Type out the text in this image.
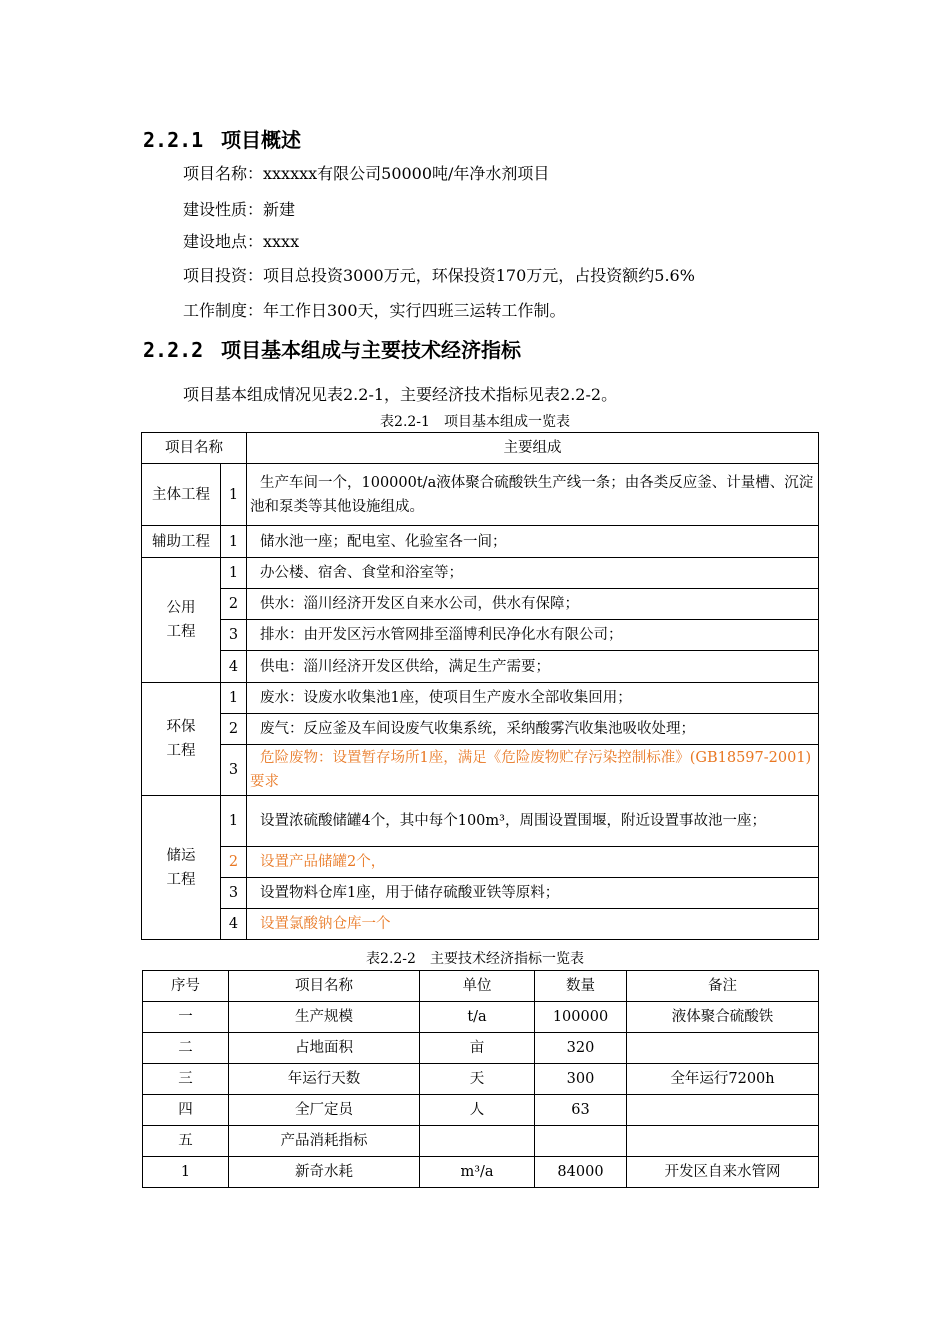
2.2.1 项目概述
项目名称：xxxxxx有限公司50000吨/年净水剂项目
建设性质：新建
建设地点：xxxx
项目投资：项目总投资3000万元，环保投资170万元，占投资额约5.6%
工作制度：年工作日300天，实行四班三运转工作制。
2.2.2 项目基本组成与主要技术经济指标
项目基本组成情况见表2.2-1，主要经济技术指标见表2.2-2。
表2.2-1　项目基本组成一览表
项目名称		主要组成
主体工程	1	生产车间一个，100000t/a液体聚合硫酸铁生产线一条；由各类反应釜、计量槽、沉淀池和泵类等其他设施组成。
辅助工程	1	储水池一座；配电室、化验室各一间；

公用
工程	1	办公楼、宿舍、食堂和浴室等；
	2	供水：淄川经济开发区自来水公司，供水有保障；
	3	排水：由开发区污水管网排至淄博利民净化水有限公司；
	4	供电：淄川经济开发区供给，满足生产需要；

环保
工程	1	废水：设废水收集池1座，使项目生产废水全部收集回用；
	2	废气：反应釜及车间设废气收集系统，采纳酸雾汽收集池吸收处理；
	3	危险废物：设置暂存场所1座，满足《危险废物贮存污染控制标准》(GB18597-2001)要求

储运
工程	1	设置浓硫酸储罐4个，其中每个100m³，周围设置围堰，附近设置事故池一座；
	2	设置产品储罐2个，
	3	设置物料仓库1座，用于储存硫酸亚铁等原料；
	4	设置氯酸钠仓库一个
表2.2-2　主要技术经济指标一览表
序号	项目名称	单位	数量	备注
一	生产规模	t/a	100000	液体聚合硫酸铁
二	占地面积	亩	320	
三	年运行天数	天	300	全年运行7200h
四	全厂定员	人	63	
五	产品消耗指标			
1	新奇水耗	m³/a	84000	开发区自来水管网
